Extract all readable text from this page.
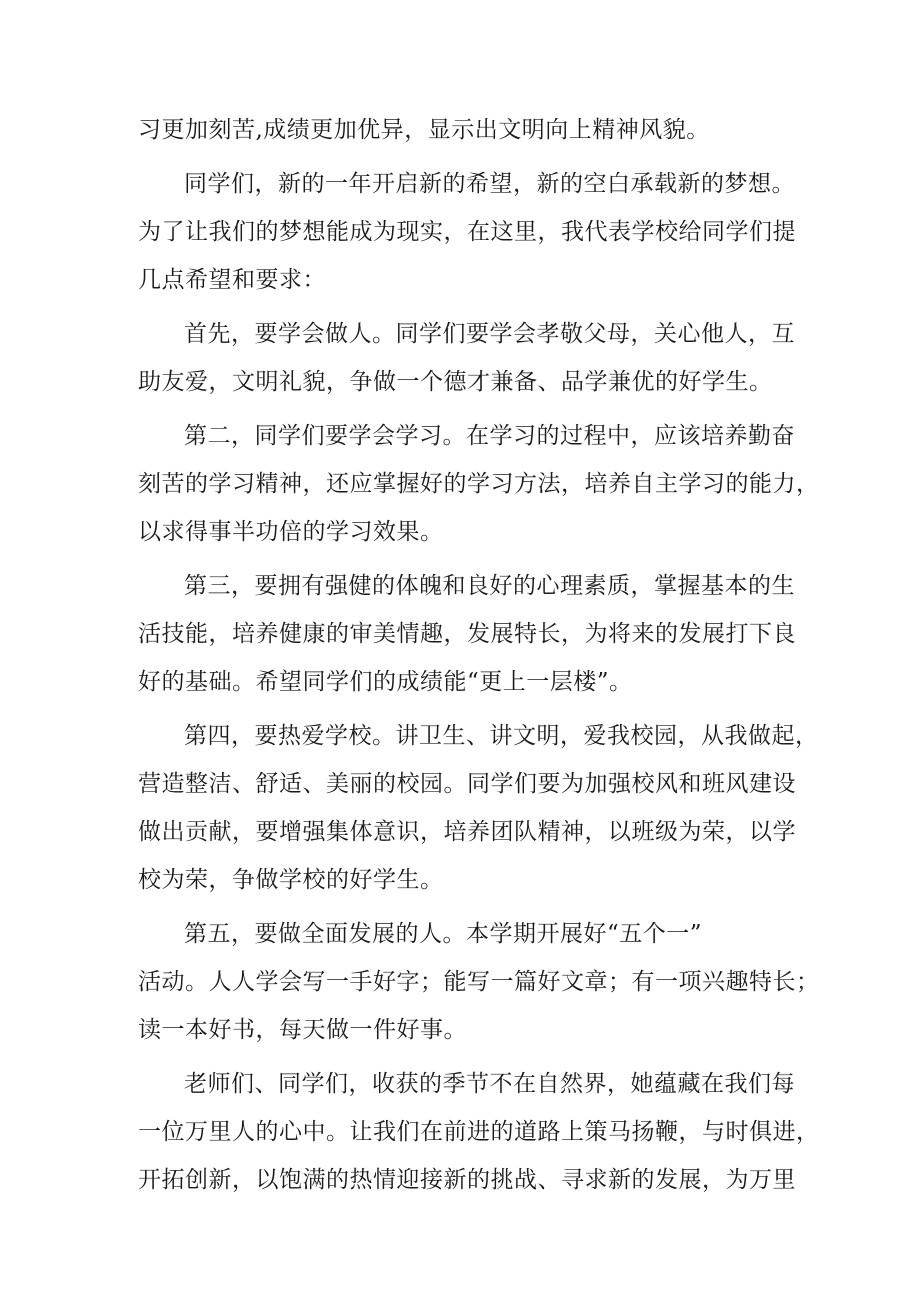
习更加刻苦,成绩更加优异，显示出文明向上精神风貌。

同学们，新的一年开启新的希望，新的空白承载新的梦想。
为了让我们的梦想能成为现实，在这里，我代表学校给同学们提
几点希望和要求：

首先，要学会做人。同学们要学会孝敬父母，关心他人，互
助友爱，文明礼貌，争做一个德才兼备、品学兼优的好学生。

第二，同学们要学会学习。在学习的过程中，应该培养勤奋
刻苦的学习精神，还应掌握好的学习方法，培养自主学习的能力，
以求得事半功倍的学习效果。

第三，要拥有强健的体魄和良好的心理素质，掌握基本的生
活技能，培养健康的审美情趣，发展特长，为将来的发展打下良
好的基础。希望同学们的成绩能“更上一层楼”。

第四，要热爱学校。讲卫生、讲文明，爱我校园，从我做起，
营造整洁、舒适、美丽的校园。同学们要为加强校风和班风建设
做出贡献，要增强集体意识，培养团队精神，以班级为荣，以学
校为荣，争做学校的好学生。

第五，要做全面发展的人。本学期开展好“五个一”
活动。人人学会写一手好字；能写一篇好文章；有一项兴趣特长；
读一本好书，每天做一件好事。

老师们、同学们，收获的季节不在自然界，她蕴藏在我们每
一位万里人的心中。让我们在前进的道路上策马扬鞭，与时俱进，
开拓创新，以饱满的热情迎接新的挑战、寻求新的发展，为万里
